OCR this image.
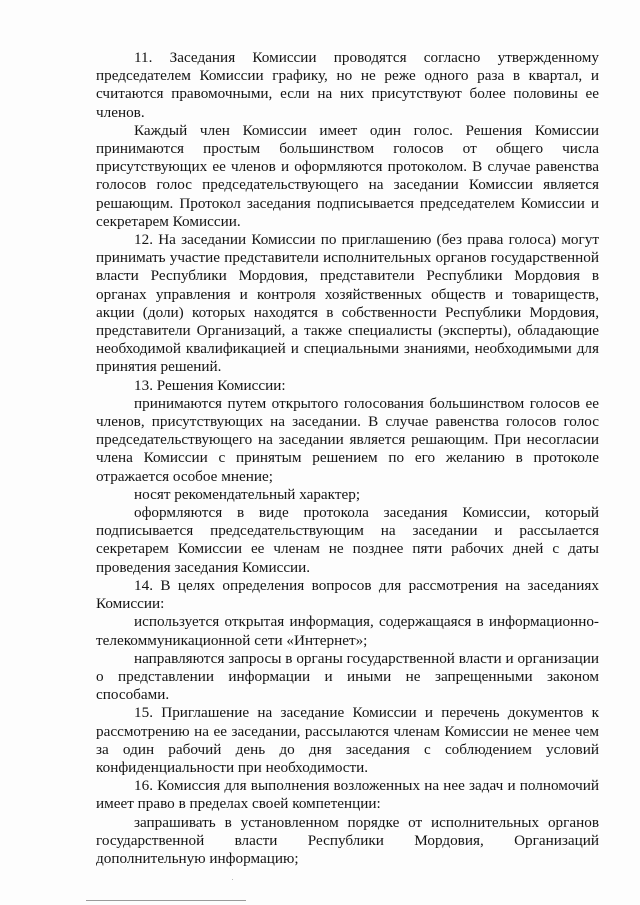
11. Заседания Комиссии проводятся согласно утвержденному председателем Комиссии графику, но не реже одного раза в квартал, и считаются правомочными, если на них присутствуют более половины ее членов.

Каждый член Комиссии имеет один голос. Решения Комиссии принимаются простым большинством голосов от общего числа присутствующих ее членов и оформляются протоколом. В случае равенства голосов голос председательствующего на заседании Комиссии является решающим. Протокол заседания подписывается председателем Комиссии и секретарем Комиссии.

12. На заседании Комиссии по приглашению (без права голоса) могут принимать участие представители исполнительных органов государственной власти Республики Мордовия, представители Республики Мордовия в органах управления и контроля хозяйственных обществ и товариществ, акции (доли) которых находятся в собственности Республики Мордовия, представители Организаций, а также специалисты (эксперты), обладающие необходимой квалификацией и специальными знаниями, необходимыми для принятия решений.

13. Решения Комиссии:

принимаются путем открытого голосования большинством голосов ее членов, присутствующих на заседании. В случае равенства голосов голос председательствующего на заседании является решающим. При несогласии члена Комиссии с принятым решением по его желанию в протоколе отражается особое мнение;

носят рекомендательный характер;

оформляются в виде протокола заседания Комиссии, который подписывается председательствующим на заседании и рассылается секретарем Комиссии ее членам не позднее пяти рабочих дней с даты проведения заседания Комиссии.

14. В целях определения вопросов для рассмотрения на заседаниях Комиссии:

используется открытая информация, содержащаяся в информационно-телекоммуникационной сети «Интернет»;

направляются запросы в органы государственной власти и организации о представлении информации и иными не запрещенными законом способами.

15. Приглашение на заседание Комиссии и перечень документов к рассмотрению на ее заседании, рассылаются членам Комиссии не менее чем за один рабочий день до дня заседания с соблюдением условий конфиденциальности при необходимости.

16. Комиссия для выполнения возложенных на нее задач и полномочий имеет право в пределах своей компетенции:

запрашивать в установленном порядке от исполнительных органов государственной власти Республики Мордовия, Организаций дополнительную информацию;
